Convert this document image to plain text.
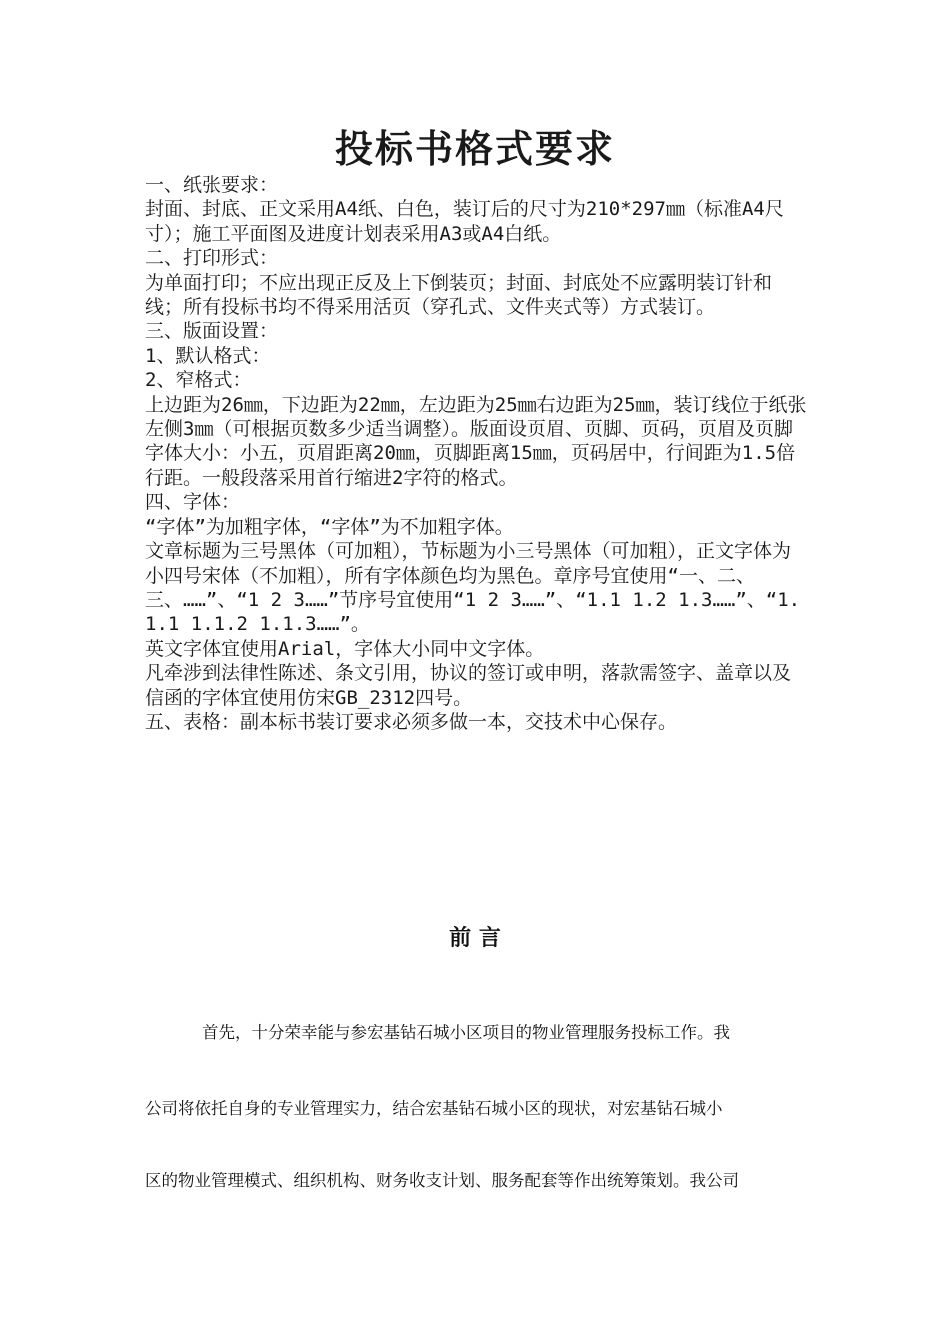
投标书格式要求

一、纸张要求：

封面、封底、正文采用A4纸、白色，装订后的尺寸为210*297㎜（标准A4尺寸）；施工平面图及进度计划表采用A3或A4白纸。

二、打印形式：

为单面打印；不应出现正反及上下倒装页；封面、封底处不应露明装订针和线；所有投标书均不得采用活页（穿孔式、文件夹式等）方式装订。

三、版面设置：

1、默认格式：

2、窄格式：

上边距为26㎜，下边距为22㎜，左边距为25㎜右边距为25㎜，装订线位于纸张左侧3㎜（可根据页数多少适当调整）。版面设页眉、页脚、页码，页眉及页脚字体大小：小五，页眉距离20㎜，页脚距离15㎜，页码居中，行间距为1.5倍行距。一般段落采用首行缩进2字符的格式。

四、字体：

“字体”为加粗字体，“字体”为不加粗字体。

文章标题为三号黑体（可加粗），节标题为小三号黑体（可加粗），正文字体为小四号宋体（不加粗），所有字体颜色均为黑色。章序号宜使用“一、二、三、……”、“1 2 3……”节序号宜使用“1 2 3……”、“1.1 1.2 1.3……”、“1.1.1 1.1.2 1.1.3……”。

英文字体宜使用Arial，字体大小同中文字体。

凡牵涉到法律性陈述、条文引用，协议的签订或申明，落款需签字、盖章以及信函的字体宜使用仿宋GB_2312四号。

五、表格：副本标书装订要求必须多做一本，交技术中心保存。

前 言

首先，十分荣幸能与参宏基钻石城小区项目的物业管理服务投标工作。我

公司将依托自身的专业管理实力，结合宏基钻石城小区的现状，对宏基钻石城小

区的物业管理模式、组织机构、财务收支计划、服务配套等作出统筹策划。我公司
